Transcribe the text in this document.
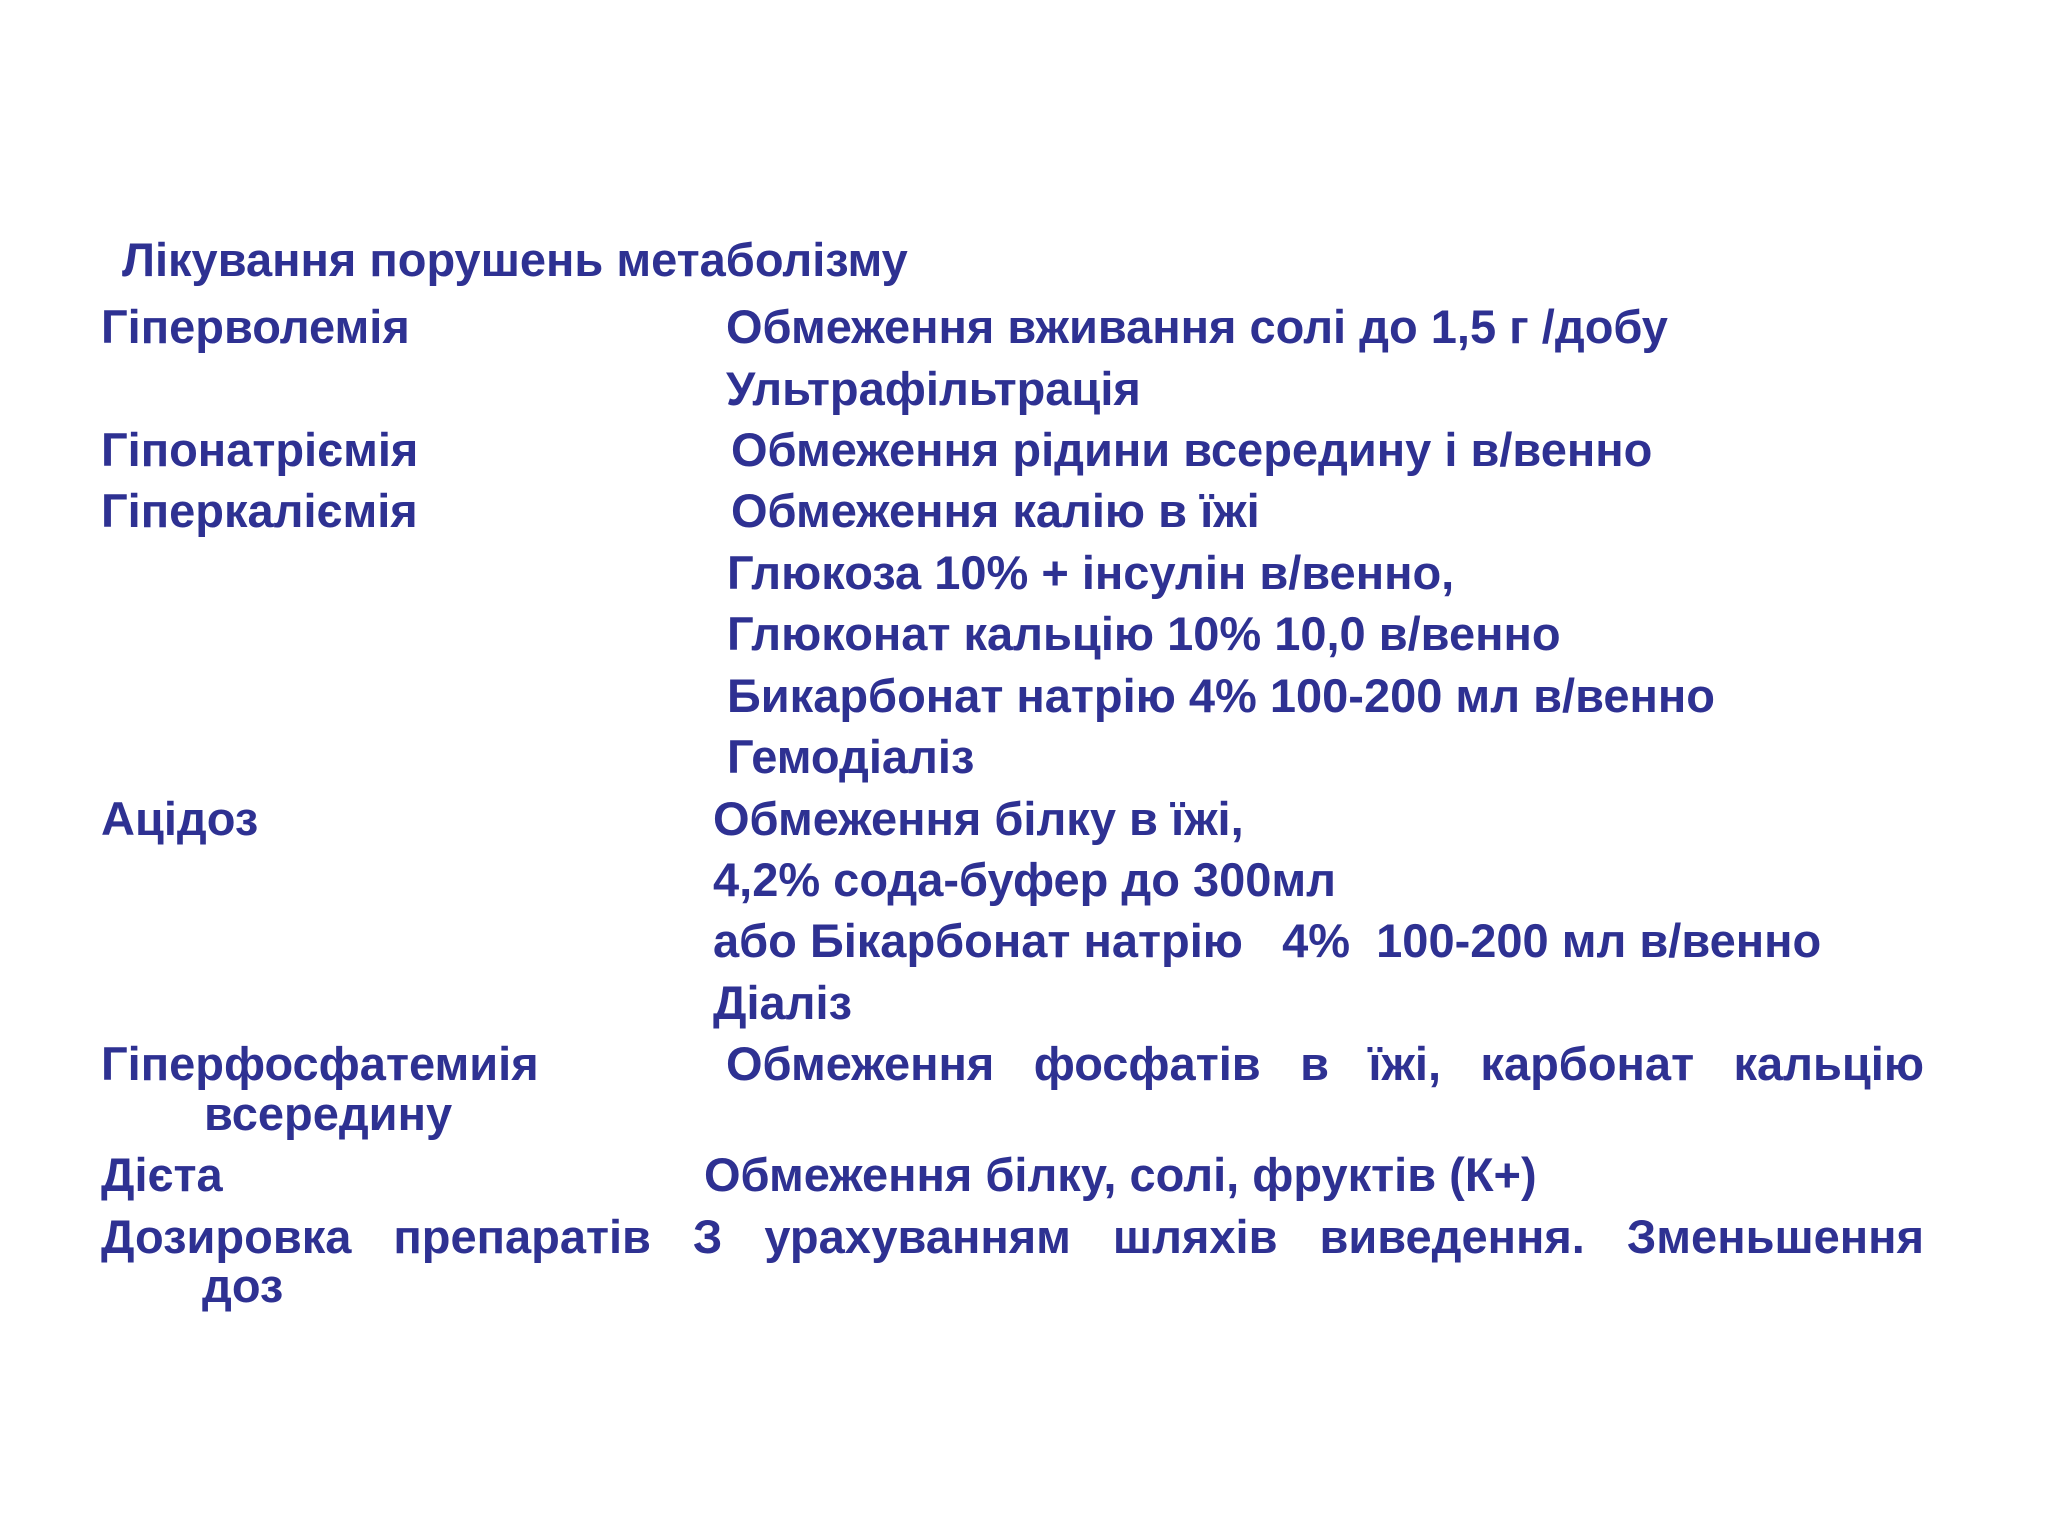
Лікування порушень метаболізму
Гіперволемія	Обмеження вживання солі до 1,5 г /добу
Ультрафільтрація
Гіпонатріємія	Обмеження рідини всередину і в/венно
Гіперкаліємія	Обмеження калію в їжі
Глюкоза 10% + інсулін в/венно,
Глюконат кальцію 10% 10,0 в/венно
Бикарбонат натрію 4% 100-200 мл в/венно
Гемодіаліз
Ацідоз	Обмеження білку в їжі,
4,2% сода-буфер до 300мл
або Бікарбонат натрію   4%  100-200 мл в/венно
Діаліз
Гіперфосфатемиія	Обмеження фосфатів в їжі, карбонат кальцію
всередину
Дієта	Обмеження білку, солі, фруктів (К+)
Дозировка препаратів З урахуванням шляхів виведення. Зменьшення
доз
